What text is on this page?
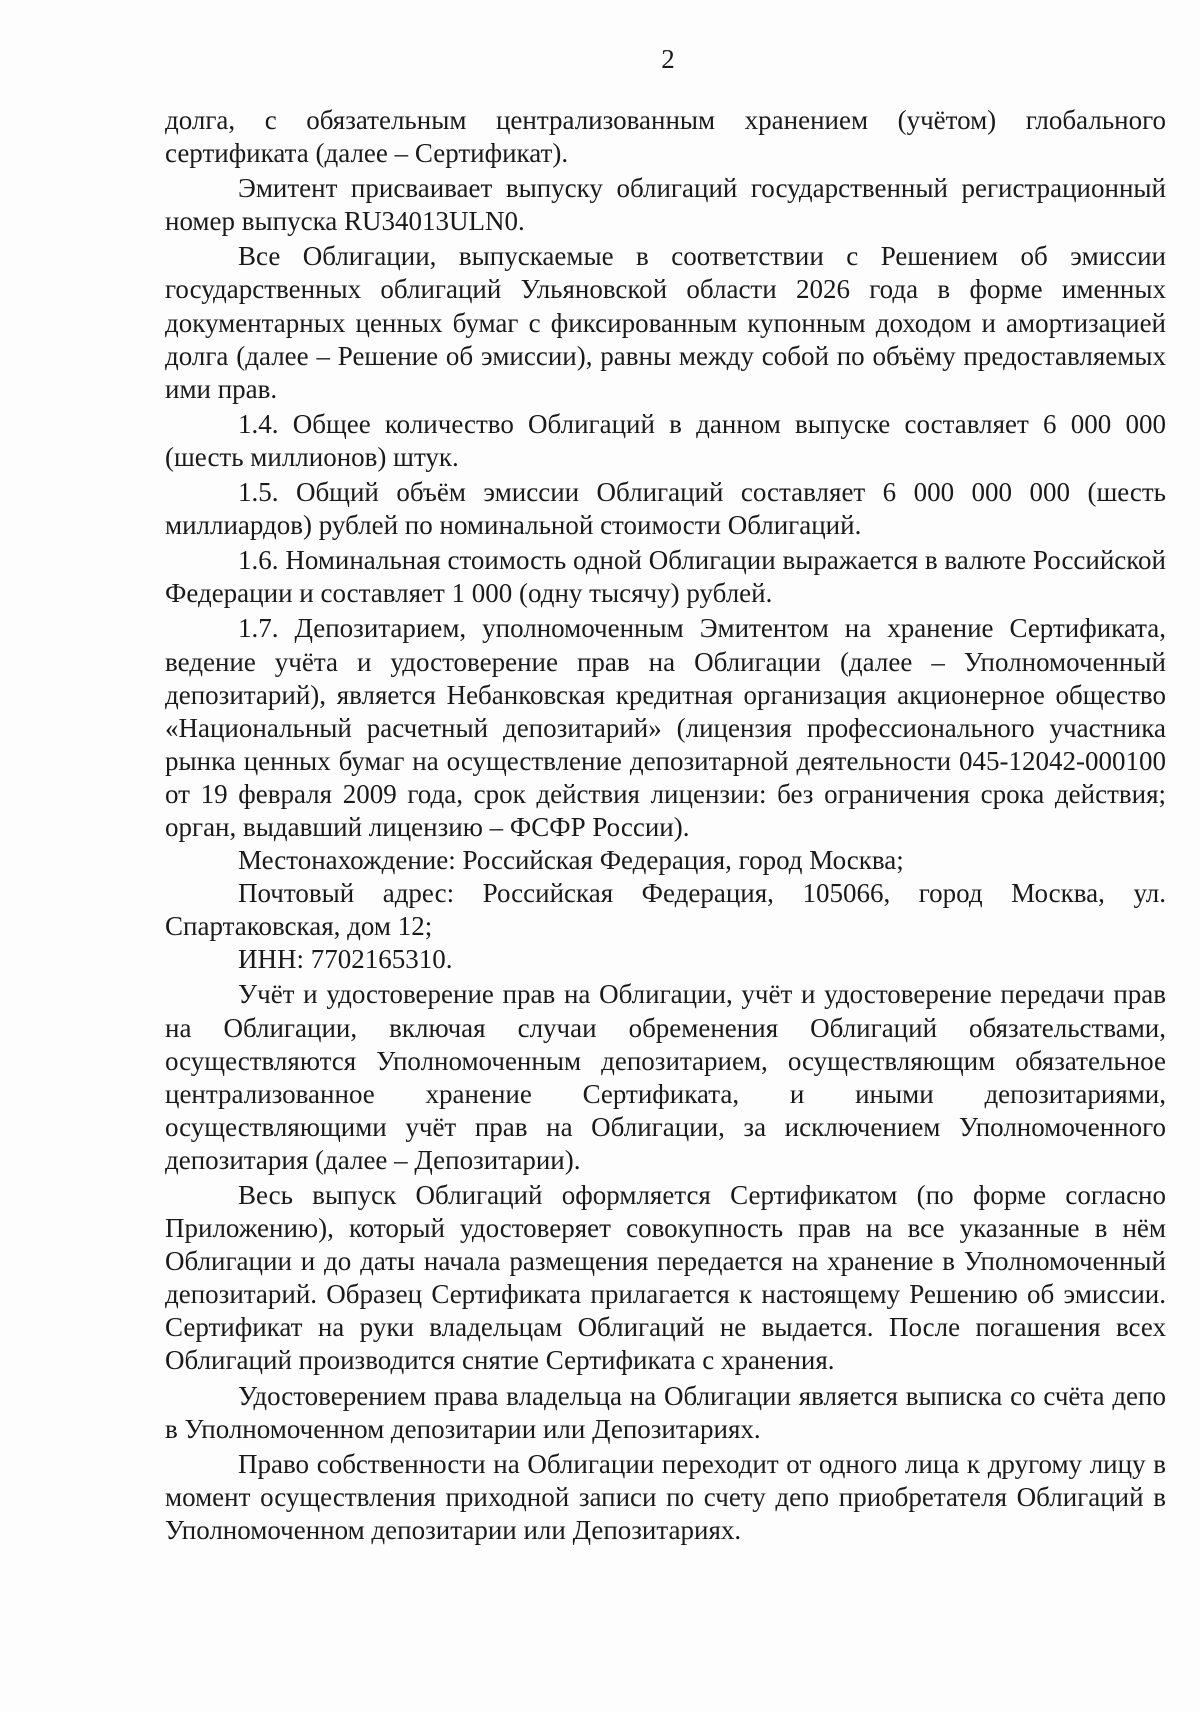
2

долга, с обязательным централизованным хранением (учётом) глобального сертификата (далее – Сертификат).

Эмитент присваивает выпуску облигаций государственный регистрационный номер выпуска RU34013ULN0.

Все Облигации, выпускаемые в соответствии с Решением об эмиссии государственных облигаций Ульяновской области 2026 года в форме именных документарных ценных бумаг с фиксированным купонным доходом и амортизацией долга (далее – Решение об эмиссии), равны между собой по объёму предоставляемых ими прав.

1.4. Общее количество Облигаций в данном выпуске составляет 6 000 000 (шесть миллионов) штук.

1.5. Общий объём эмиссии Облигаций составляет 6 000 000 000 (шесть миллиардов) рублей по номинальной стоимости Облигаций.

1.6. Номинальная стоимость одной Облигации выражается в валюте Российской Федерации и составляет 1 000 (одну тысячу) рублей.

1.7. Депозитарием, уполномоченным Эмитентом на хранение Сертификата, ведение учёта и удостоверение прав на Облигации (далее – Уполномоченный депозитарий), является Небанковская кредитная организация акционерное общество «Национальный расчетный депозитарий» (лицензия профессионального участника рынка ценных бумаг на осуществление депозитарной деятельности 045-12042-000100 от 19 февраля 2009 года, срок действия лицензии: без ограничения срока действия; орган, выдавший лицензию – ФСФР России).

Местонахождение: Российская Федерация, город Москва;

Почтовый адрес: Российская Федерация, 105066, город Москва, ул. Спартаковская, дом 12;

ИНН: 7702165310.

Учёт и удостоверение прав на Облигации, учёт и удостоверение передачи прав на Облигации, включая случаи обременения Облигаций обязательствами, осуществляются Уполномоченным депозитарием, осуществляющим обязательное централизованное хранение Сертификата, и иными депозитариями, осуществляющими учёт прав на Облигации, за исключением Уполномоченного депозитария (далее – Депозитарии).

Весь выпуск Облигаций оформляется Сертификатом (по форме согласно Приложению), который удостоверяет совокупность прав на все указанные в нём Облигации и до даты начала размещения передается на хранение в Уполномоченный депозитарий. Образец Сертификата прилагается к настоящему Решению об эмиссии. Сертификат на руки владельцам Облигаций не выдается. После погашения всех Облигаций производится снятие Сертификата с хранения.

Удостоверением права владельца на Облигации является выписка со счёта депо в Уполномоченном депозитарии или Депозитариях.

Право собственности на Облигации переходит от одного лица к другому лицу в момент осуществления приходной записи по счету депо приобретателя Облигаций в Уполномоченном депозитарии или Депозитариях.
